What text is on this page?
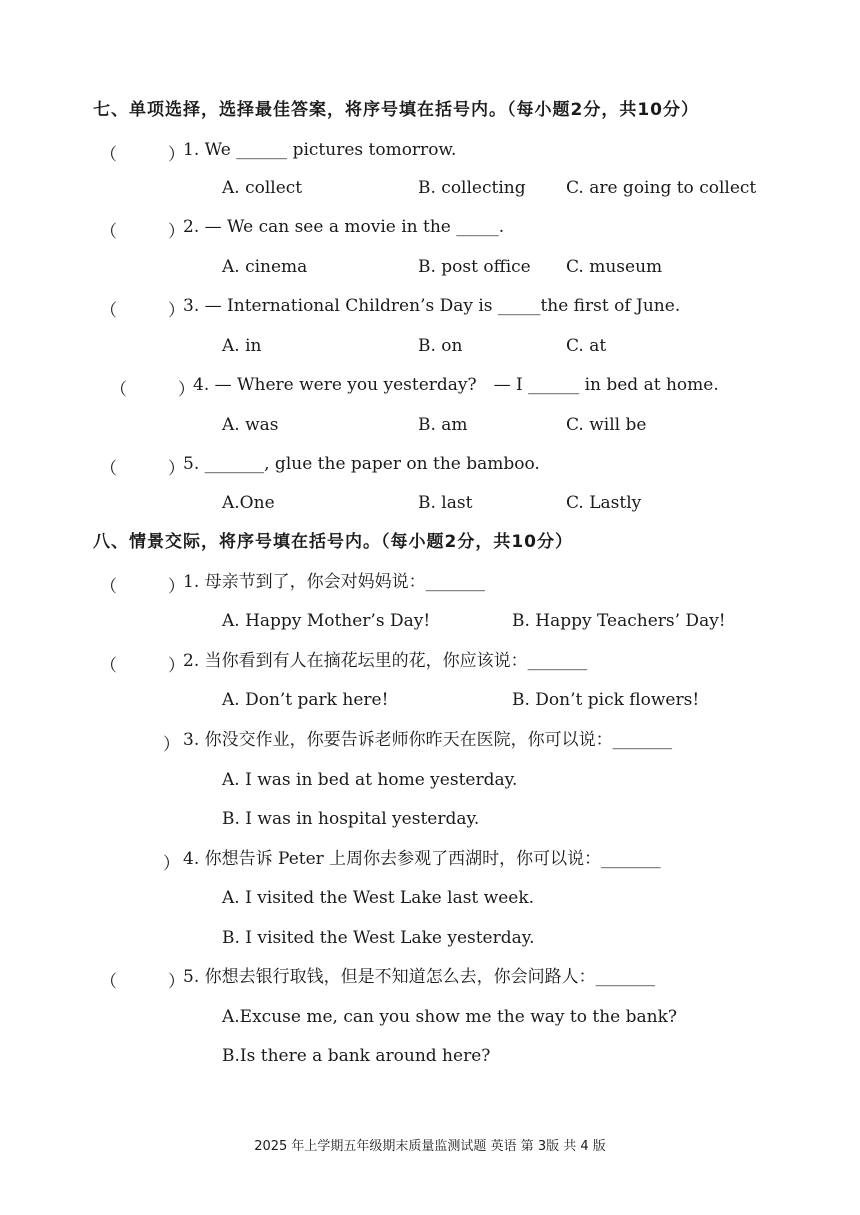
七、单项选择，选择最佳答案，将序号填在括号内。（每小题2分，共10分）
（　　　）
1. We ______ pictures tomorrow.
A. collect	B. collecting C. are going to collect
（　　　）
2. — We can see a movie in the _____.
A. cinema	B. post office C. museum
（　　　）
3. — International Children’s Day is _____the first of June.
A. in	B. on	C. at
（　　　）
4. — Where were you yesterday?　— I ______ in bed at home.
A. was	B. am	C. will be
（　　　）
5. _______, glue the paper on the bamboo.
A.One	B. last	C. Lastly
八、情景交际，将序号填在括号内。（每小题2分，共10分）
（　　　）
1. 母亲节到了，你会对妈妈说：_______
A. Happy Mother’s Day!	B. Happy Teachers’ Day!
（　　　）
2. 当你看到有人在摘花坛里的花，你应该说：_______
A. Don’t park here!	B. Don’t pick flowers!
） 3. 你没交作业，你要告诉老师你昨天在医院，你可以说：_______
A. I was in bed at home yesterday.
B. I was in hospital yesterday.
） 4. 你想告诉 Peter 上周你去参观了西湖时，你可以说：_______
A. I visited the West Lake last week.
B. I visited the West Lake yesterday.
（　　　）
5. 你想去银行取钱，但是不知道怎么去，你会问路人：_______
A.Excuse me, can you show me the way to the bank?
B.Is there a bank around here?
2025 年上学期五年级期末质量监测试题 英语 第 3版 共 4 版
